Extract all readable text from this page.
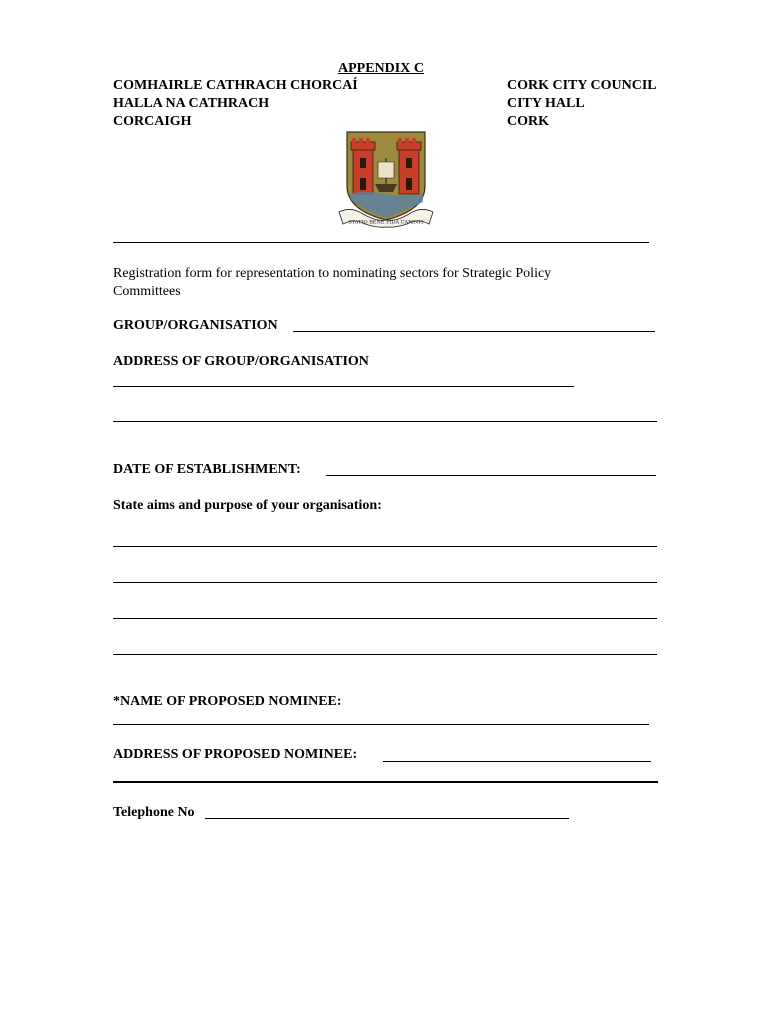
APPENDIX C
COMHAIRLE CATHRACH CHORCAÍ
HALLA NA CATHRACH
CORCAIGH
CORK CITY COUNCIL
CITY HALL
CORK
STATIO BENE FIDA CARINIS
Registration form for representation to nominating sectors for Strategic Policy
Committees
GROUP/ORGANISATION
ADDRESS OF GROUP/ORGANISATION
DATE OF ESTABLISHMENT:
State aims and purpose of your organisation:
*NAME OF PROPOSED NOMINEE:
ADDRESS OF PROPOSED NOMINEE:
Telephone No
